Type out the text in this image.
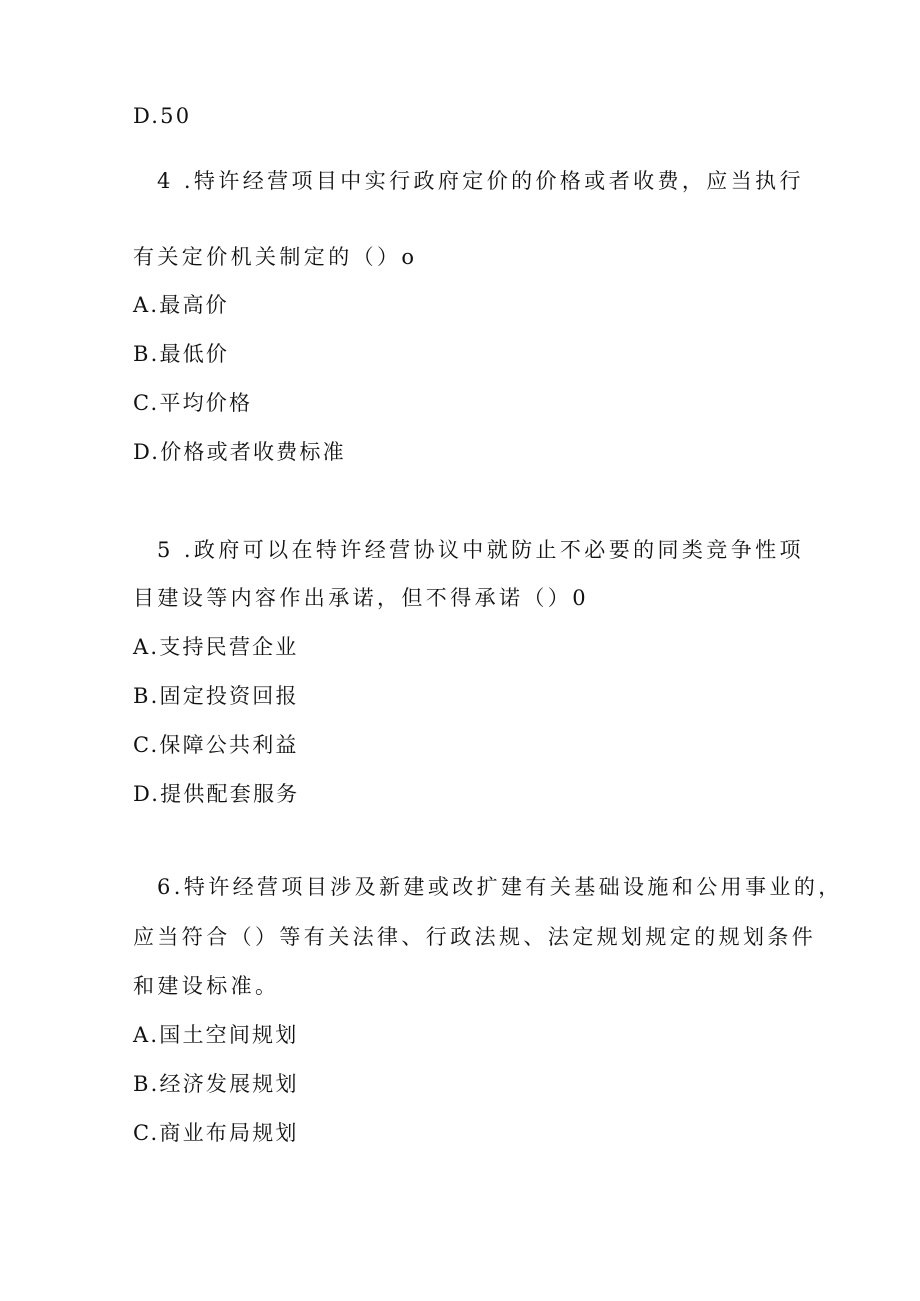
D.50
4 .特许经营项目中实行政府定价的价格或者收费，应当执行
有关定价机关制定的（）o
A.最高价
B.最低价
C.平均价格
D.价格或者收费标准
5 .政府可以在特许经营协议中就防止不必要的同类竞争性项
目建设等内容作出承诺，但不得承诺（）0
A.支持民营企业
B.固定投资回报
C.保障公共利益
D.提供配套服务
6.特许经营项目涉及新建或改扩建有关基础设施和公用事业的，
应当符合（）等有关法律、行政法规、法定规划规定的规划条件
和建设标准。
A.国土空间规划
B.经济发展规划
C.商业布局规划
